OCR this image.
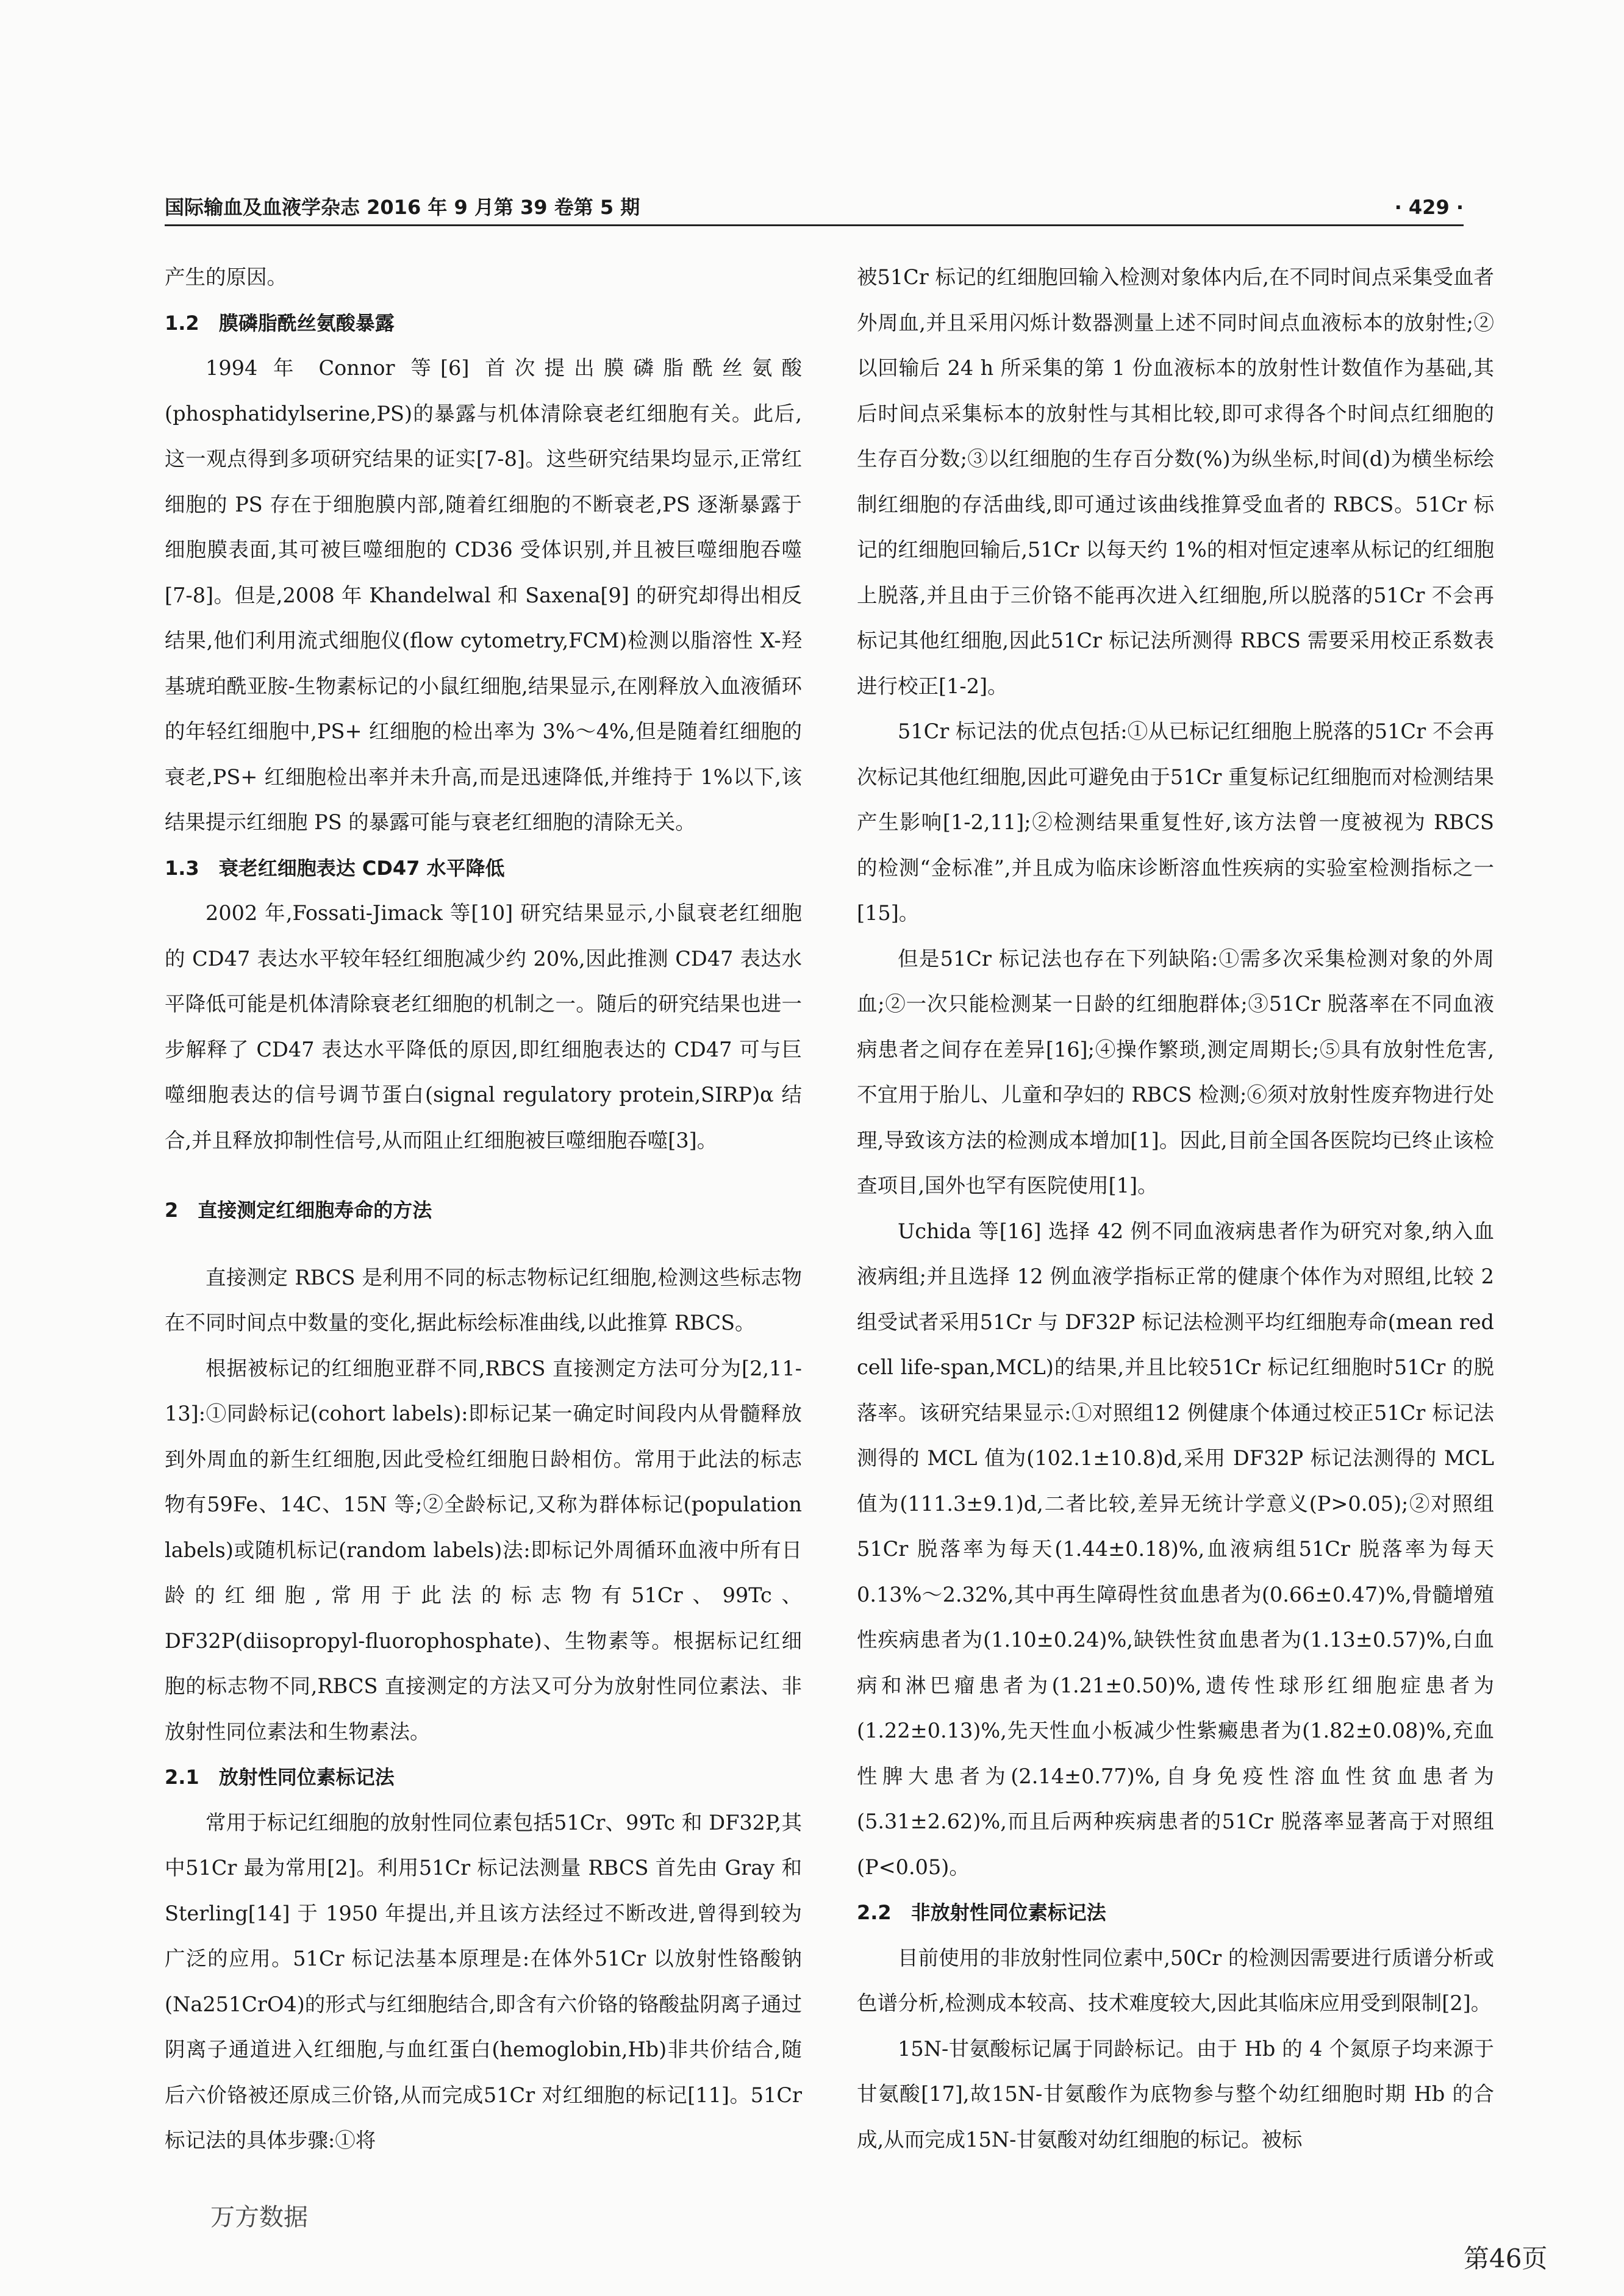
国际输血及血液学杂志 2016 年 9 月第 39 卷第 5 期	· 429 ·

产生的原因。

1.2　膜磷脂酰丝氨酸暴露

1994 年 Connor 等[6] 首次提出膜磷脂酰丝氨酸(phosphatidylserine,PS)的暴露与机体清除衰老红细胞有关。此后,这一观点得到多项研究结果的证实[7-8]。这些研究结果均显示,正常红细胞的 PS 存在于细胞膜内部,随着红细胞的不断衰老,PS 逐渐暴露于细胞膜表面,其可被巨噬细胞的 CD36 受体识别,并且被巨噬细胞吞噬[7-8]。但是,2008 年 Khandelwal 和 Saxena[9] 的研究却得出相反结果,他们利用流式细胞仪(flow cytometry,FCM)检测以脂溶性 X-羟基琥珀酰亚胺-生物素标记的小鼠红细胞,结果显示,在刚释放入血液循环的年轻红细胞中,PS+ 红细胞的检出率为 3%～4%,但是随着红细胞的衰老,PS+ 红细胞检出率并未升高,而是迅速降低,并维持于 1%以下,该结果提示红细胞 PS 的暴露可能与衰老红细胞的清除无关。

1.3　衰老红细胞表达 CD47 水平降低

2002 年,Fossati-Jimack 等[10] 研究结果显示,小鼠衰老红细胞的 CD47 表达水平较年轻红细胞减少约 20%,因此推测 CD47 表达水平降低可能是机体清除衰老红细胞的机制之一。随后的研究结果也进一步解释了 CD47 表达水平降低的原因,即红细胞表达的 CD47 可与巨噬细胞表达的信号调节蛋白(signal regulatory protein,SIRP)α 结合,并且释放抑制性信号,从而阻止红细胞被巨噬细胞吞噬[3]。

2　直接测定红细胞寿命的方法

直接测定 RBCS 是利用不同的标志物标记红细胞,检测这些标志物在不同时间点中数量的变化,据此标绘标准曲线,以此推算 RBCS。

根据被标记的红细胞亚群不同,RBCS 直接测定方法可分为[2,11-13]:①同龄标记(cohort labels):即标记某一确定时间段内从骨髓释放到外周血的新生红细胞,因此受检红细胞日龄相仿。常用于此法的标志物有59Fe、14C、15N 等;②全龄标记,又称为群体标记(population labels)或随机标记(random labels)法:即标记外周循环血液中所有日龄的红细胞,常用于此法的标志物有51Cr、99Tc、DF32P(diisopropyl-fluorophosphate)、生物素等。根据标记红细胞的标志物不同,RBCS 直接测定的方法又可分为放射性同位素法、非放射性同位素法和生物素法。

2.1　放射性同位素标记法

常用于标记红细胞的放射性同位素包括51Cr、99Tc 和 DF32P,其中51Cr 最为常用[2]。利用51Cr 标记法测量 RBCS 首先由 Gray 和 Sterling[14] 于 1950 年提出,并且该方法经过不断改进,曾得到较为广泛的应用。51Cr 标记法基本原理是:在体外51Cr 以放射性铬酸钠(Na251CrO4)的形式与红细胞结合,即含有六价铬的铬酸盐阴离子通过阴离子通道进入红细胞,与血红蛋白(hemoglobin,Hb)非共价结合,随后六价铬被还原成三价铬,从而完成51Cr 对红细胞的标记[11]。51Cr 标记法的具体步骤:①将

被51Cr 标记的红细胞回输入检测对象体内后,在不同时间点采集受血者外周血,并且采用闪烁计数器测量上述不同时间点血液标本的放射性;②以回输后 24 h 所采集的第 1 份血液标本的放射性计数值作为基础,其后时间点采集标本的放射性与其相比较,即可求得各个时间点红细胞的生存百分数;③以红细胞的生存百分数(%)为纵坐标,时间(d)为横坐标绘制红细胞的存活曲线,即可通过该曲线推算受血者的 RBCS。51Cr 标记的红细胞回输后,51Cr 以每天约 1%的相对恒定速率从标记的红细胞上脱落,并且由于三价铬不能再次进入红细胞,所以脱落的51Cr 不会再标记其他红细胞,因此51Cr 标记法所测得 RBCS 需要采用校正系数表进行校正[1-2]。

51Cr 标记法的优点包括:①从已标记红细胞上脱落的51Cr 不会再次标记其他红细胞,因此可避免由于51Cr 重复标记红细胞而对检测结果产生影响[1-2,11];②检测结果重复性好,该方法曾一度被视为 RBCS 的检测“金标准”,并且成为临床诊断溶血性疾病的实验室检测指标之一[15]。

但是51Cr 标记法也存在下列缺陷:①需多次采集检测对象的外周血;②一次只能检测某一日龄的红细胞群体;③51Cr 脱落率在不同血液病患者之间存在差异[16];④操作繁琐,测定周期长;⑤具有放射性危害,不宜用于胎儿、儿童和孕妇的 RBCS 检测;⑥须对放射性废弃物进行处理,导致该方法的检测成本增加[1]。因此,目前全国各医院均已终止该检查项目,国外也罕有医院使用[1]。

Uchida 等[16] 选择 42 例不同血液病患者作为研究对象,纳入血液病组;并且选择 12 例血液学指标正常的健康个体作为对照组,比较 2 组受试者采用51Cr 与 DF32P 标记法检测平均红细胞寿命(mean red cell life-span,MCL)的结果,并且比较51Cr 标记红细胞时51Cr 的脱落率。该研究结果显示:①对照组12 例健康个体通过校正51Cr 标记法测得的 MCL 值为(102.1±10.8)d,采用 DF32P 标记法测得的 MCL 值为(111.3±9.1)d,二者比较,差异无统计学意义(P>0.05);②对照组51Cr 脱落率为每天(1.44±0.18)%,血液病组51Cr 脱落率为每天 0.13%～2.32%,其中再生障碍性贫血患者为(0.66±0.47)%,骨髓增殖性疾病患者为(1.10±0.24)%,缺铁性贫血患者为(1.13±0.57)%,白血病和淋巴瘤患者为(1.21±0.50)%,遗传性球形红细胞症患者为(1.22±0.13)%,先天性血小板减少性紫癜患者为(1.82±0.08)%,充血性脾大患者为(2.14±0.77)%,自身免疫性溶血性贫血患者为(5.31±2.62)%,而且后两种疾病患者的51Cr 脱落率显著高于对照组(P<0.05)。

2.2　非放射性同位素标记法

目前使用的非放射性同位素中,50Cr 的检测因需要进行质谱分析或色谱分析,检测成本较高、技术难度较大,因此其临床应用受到限制[2]。

15N-甘氨酸标记属于同龄标记。由于 Hb 的 4 个氮原子均来源于甘氨酸[17],故15N-甘氨酸作为底物参与整个幼红细胞时期 Hb 的合成,从而完成15N-甘氨酸对幼红细胞的标记。被标

万方数据
第46页
